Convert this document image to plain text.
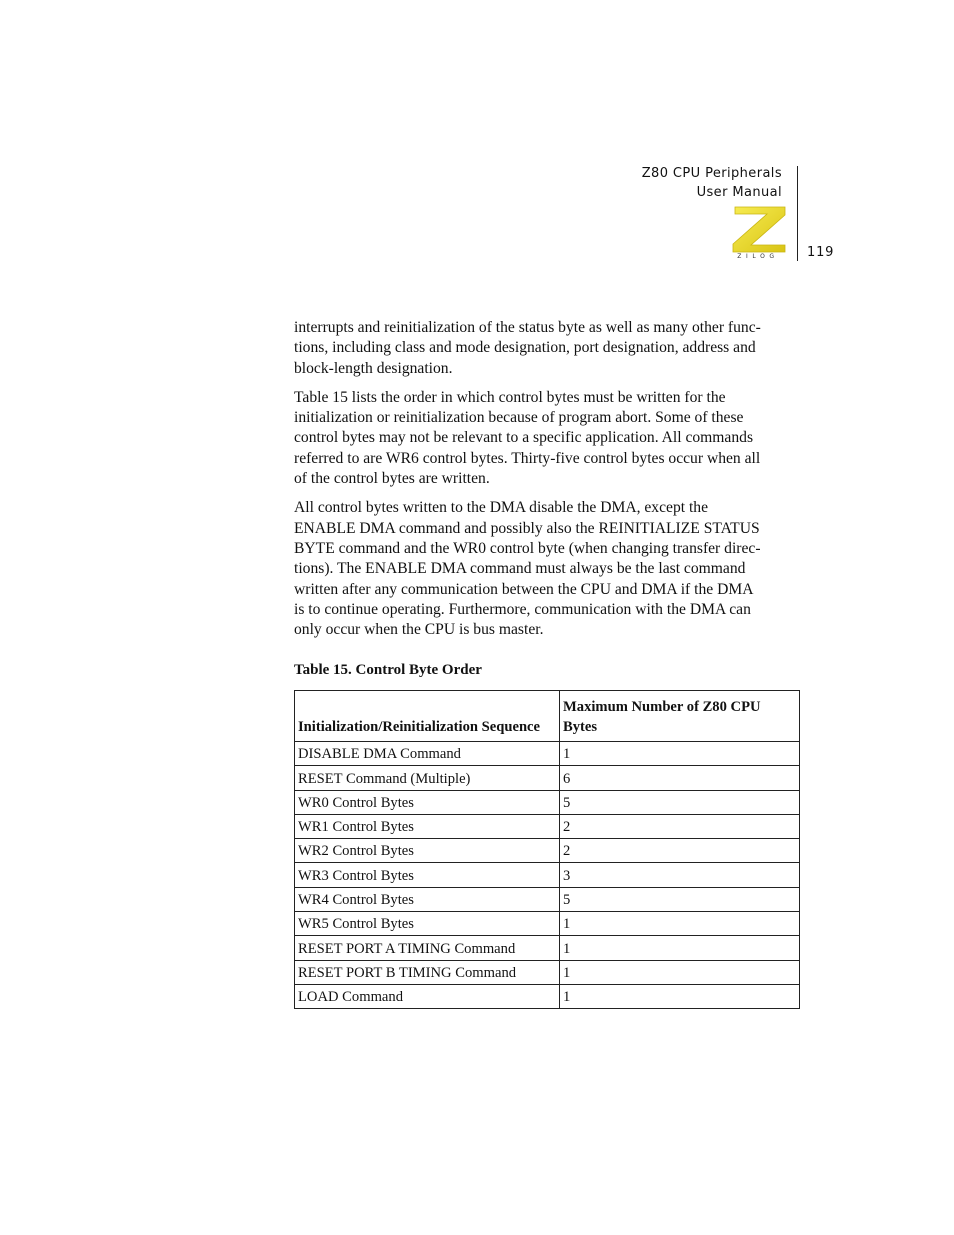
Z80 CPU Peripherals
User Manual
ZILOG	119

interrupts and reinitialization of the status byte as well as many other func-
tions, including class and mode designation, port designation, address and
block-length designation.

Table 15 lists the order in which control bytes must be written for the
initialization or reinitialization because of program abort. Some of these
control bytes may not be relevant to a specific application. All commands
referred to are WR6 control bytes. Thirty-five control bytes occur when all
of the control bytes are written.

All control bytes written to the DMA disable the DMA, except the
ENABLE DMA command and possibly also the REINITIALIZE STATUS
BYTE command and the WR0 control byte (when changing transfer direc-
tions). The ENABLE DMA command must always be the last command
written after any communication between the CPU and DMA if the DMA
is to continue operating. Furthermore, communication with the DMA can
only occur when the CPU is bus master.

Table 15. Control Byte Order
Initialization/Reinitialization Sequence	Maximum Number of Z80 CPU
Bytes
DISABLE DMA Command	1
RESET Command (Multiple)	6
WR0 Control Bytes	5
WR1 Control Bytes	2
WR2 Control Bytes	2
WR3 Control Bytes	3
WR4 Control Bytes	5
WR5 Control Bytes	1
RESET PORT A TIMING Command	1
RESET PORT B TIMING Command	1
LOAD Command	1
